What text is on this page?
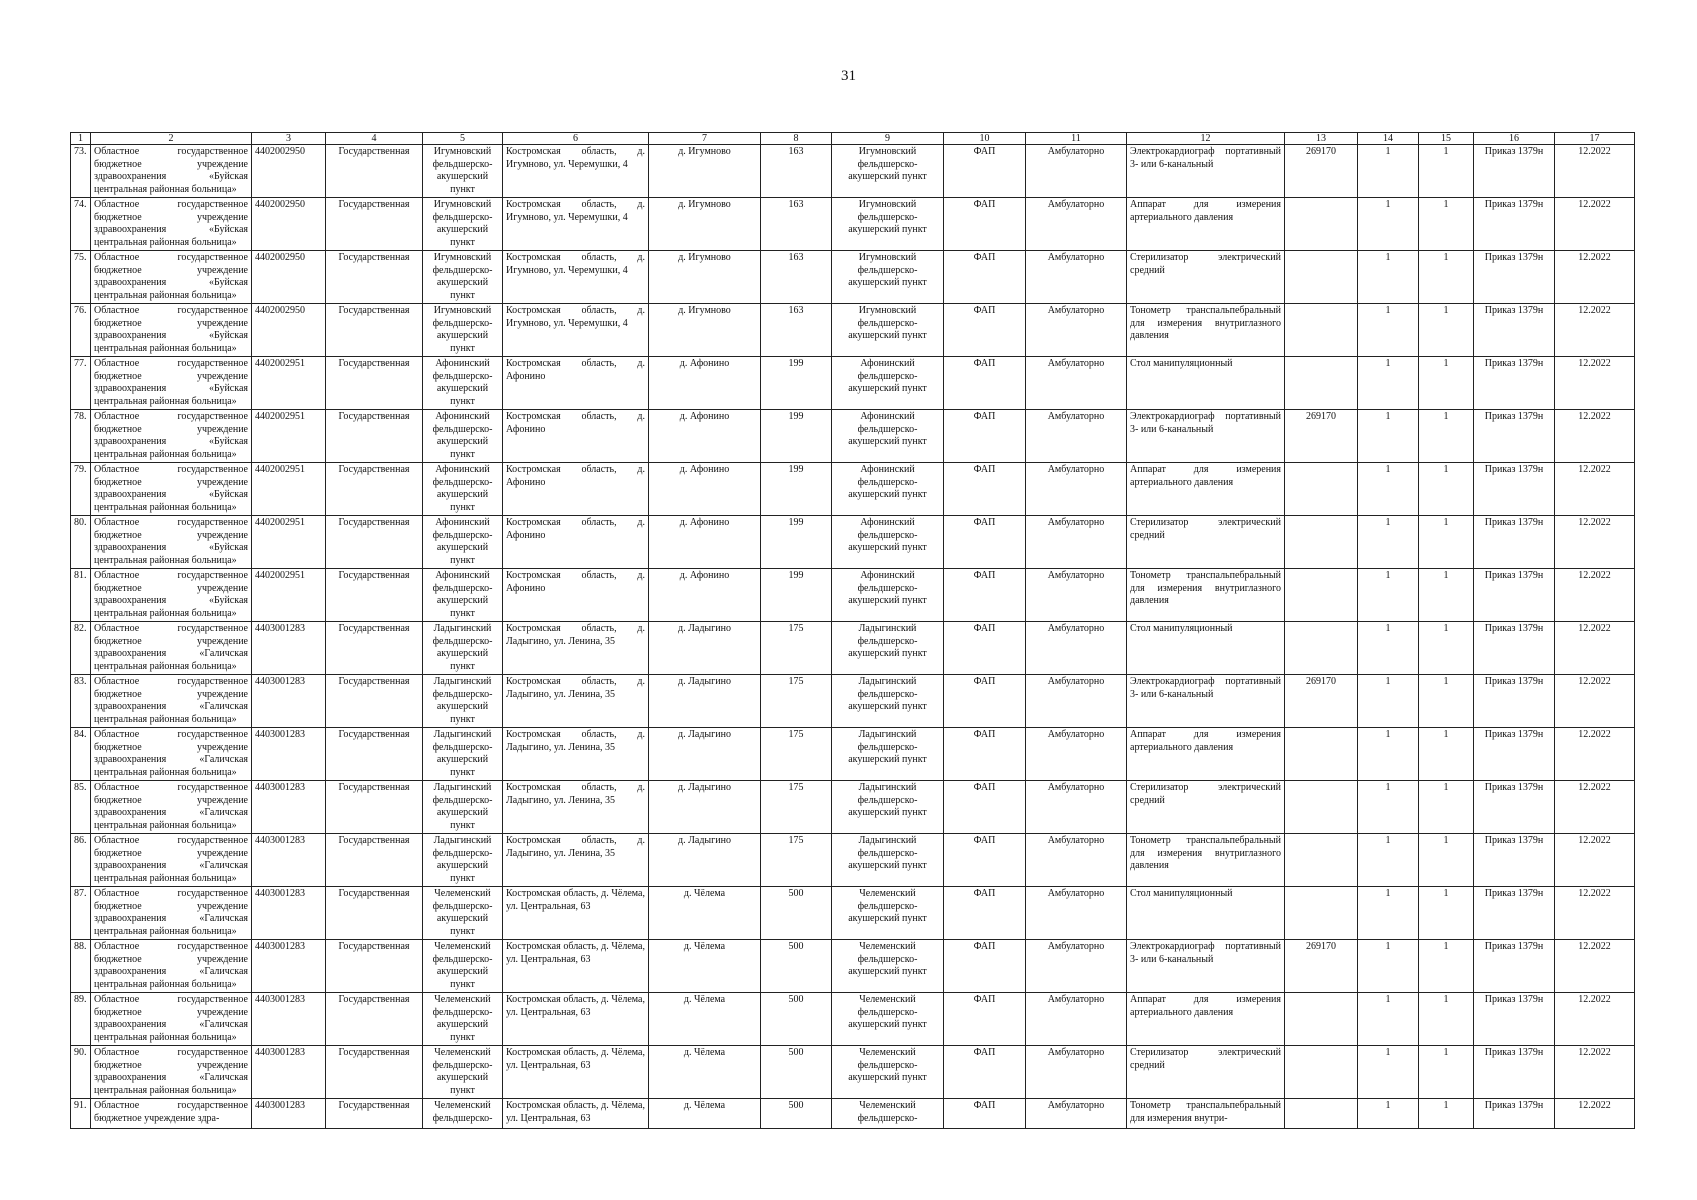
31
1	2	3	4	5	6	7	8	9	10	11	12	13	14	15	16	17
73.	Областное государственное бюджетное учреждение здравоохранения «Буйская центральная районная больница»	4402002950	Государственная	Игумновский фельдшерско-акушерский пункт	Костромская область, д. Игумново, ул. Черемушки, 4	д. Игумново	163	Игумновский фельдшерско-акушерский пункт	ФАП	Амбулаторно	Электрокардиограф портативный 3- или 6-канальный	269170	1	1	Приказ 1379н	12.2022
74.	Областное государственное бюджетное учреждение здравоохранения «Буйская центральная районная больница»	4402002950	Государственная	Игумновский фельдшерско-акушерский пункт	Костромская область, д. Игумново, ул. Черемушки, 4	д. Игумново	163	Игумновский фельдшерско-акушерский пункт	ФАП	Амбулаторно	Аппарат для измерения артериального давления		1	1	Приказ 1379н	12.2022
75.	Областное государственное бюджетное учреждение здравоохранения «Буйская центральная районная больница»	4402002950	Государственная	Игумновский фельдшерско-акушерский пункт	Костромская область, д. Игумново, ул. Черемушки, 4	д. Игумново	163	Игумновский фельдшерско-акушерский пункт	ФАП	Амбулаторно	Стерилизатор электрический средний		1	1	Приказ 1379н	12.2022
76.	Областное государственное бюджетное учреждение здравоохранения «Буйская центральная районная больница»	4402002950	Государственная	Игумновский фельдшерско-акушерский пункт	Костромская область, д. Игумново, ул. Черемушки, 4	д. Игумново	163	Игумновский фельдшерско-акушерский пункт	ФАП	Амбулаторно	Тонометр транспальпебральный для измерения внутриглазного давления		1	1	Приказ 1379н	12.2022
77.	Областное государственное бюджетное учреждение здравоохранения «Буйская центральная районная больница»	4402002951	Государственная	Афонинский фельдшерско-акушерский пункт	Костромская область, д. Афонино	д. Афонино	199	Афонинский фельдшерско-акушерский пункт	ФАП	Амбулаторно	Стол манипуляционный		1	1	Приказ 1379н	12.2022
78.	Областное государственное бюджетное учреждение здравоохранения «Буйская центральная районная больница»	4402002951	Государственная	Афонинский фельдшерско-акушерский пункт	Костромская область, д. Афонино	д. Афонино	199	Афонинский фельдшерско-акушерский пункт	ФАП	Амбулаторно	Электрокардиограф портативный 3- или 6-канальный	269170	1	1	Приказ 1379н	12.2022
79.	Областное государственное бюджетное учреждение здравоохранения «Буйская центральная районная больница»	4402002951	Государственная	Афонинский фельдшерско-акушерский пункт	Костромская область, д. Афонино	д. Афонино	199	Афонинский фельдшерско-акушерский пункт	ФАП	Амбулаторно	Аппарат для измерения артериального давления		1	1	Приказ 1379н	12.2022
80.	Областное государственное бюджетное учреждение здравоохранения «Буйская центральная районная больница»	4402002951	Государственная	Афонинский фельдшерско-акушерский пункт	Костромская область, д. Афонино	д. Афонино	199	Афонинский фельдшерско-акушерский пункт	ФАП	Амбулаторно	Стерилизатор электрический средний		1	1	Приказ 1379н	12.2022
81.	Областное государственное бюджетное учреждение здравоохранения «Буйская центральная районная больница»	4402002951	Государственная	Афонинский фельдшерско-акушерский пункт	Костромская область, д. Афонино	д. Афонино	199	Афонинский фельдшерско-акушерский пункт	ФАП	Амбулаторно	Тонометр транспальпебральный для измерения внутриглазного давления		1	1	Приказ 1379н	12.2022
82.	Областное государственное бюджетное учреждение здравоохранения «Галичская центральная районная больница»	4403001283	Государственная	Ладыгинский фельдшерско-акушерский пункт	Костромская область, д. Ладыгино, ул. Ленина, 35	д. Ладыгино	175	Ладыгинский фельдшерско-акушерский пункт	ФАП	Амбулаторно	Стол манипуляционный		1	1	Приказ 1379н	12.2022
83.	Областное государственное бюджетное учреждение здравоохранения «Галичская центральная районная больница»	4403001283	Государственная	Ладыгинский фельдшерско-акушерский пункт	Костромская область, д. Ладыгино, ул. Ленина, 35	д. Ладыгино	175	Ладыгинский фельдшерско-акушерский пункт	ФАП	Амбулаторно	Электрокардиограф портативный 3- или 6-канальный	269170	1	1	Приказ 1379н	12.2022
84.	Областное государственное бюджетное учреждение здравоохранения «Галичская центральная районная больница»	4403001283	Государственная	Ладыгинский фельдшерско-акушерский пункт	Костромская область, д. Ладыгино, ул. Ленина, 35	д. Ладыгино	175	Ладыгинский фельдшерско-акушерский пункт	ФАП	Амбулаторно	Аппарат для измерения артериального давления		1	1	Приказ 1379н	12.2022
85.	Областное государственное бюджетное учреждение здравоохранения «Галичская центральная районная больница»	4403001283	Государственная	Ладыгинский фельдшерско-акушерский пункт	Костромская область, д. Ладыгино, ул. Ленина, 35	д. Ладыгино	175	Ладыгинский фельдшерско-акушерский пункт	ФАП	Амбулаторно	Стерилизатор электрический средний		1	1	Приказ 1379н	12.2022
86.	Областное государственное бюджетное учреждение здравоохранения «Галичская центральная районная больница»	4403001283	Государственная	Ладыгинский фельдшерско-акушерский пункт	Костромская область, д. Ладыгино, ул. Ленина, 35	д. Ладыгино	175	Ладыгинский фельдшерско-акушерский пункт	ФАП	Амбулаторно	Тонометр транспальпебральный для измерения внутриглазного давления		1	1	Приказ 1379н	12.2022
87.	Областное государственное бюджетное учреждение здравоохранения «Галичская центральная районная больница»	4403001283	Государственная	Челеменский фельдшерско-акушерский пункт	Костромская область, д. Чёлема, ул. Центральная, 63	д. Чёлема	500	Челеменский фельдшерско-акушерский пункт	ФАП	Амбулаторно	Стол манипуляционный		1	1	Приказ 1379н	12.2022
88.	Областное государственное бюджетное учреждение здравоохранения «Галичская центральная районная больница»	4403001283	Государственная	Челеменский фельдшерско-акушерский пункт	Костромская область, д. Чёлема, ул. Центральная, 63	д. Чёлема	500	Челеменский фельдшерско-акушерский пункт	ФАП	Амбулаторно	Электрокардиограф портативный 3- или 6-канальный	269170	1	1	Приказ 1379н	12.2022
89.	Областное государственное бюджетное учреждение здравоохранения «Галичская центральная районная больница»	4403001283	Государственная	Челеменский фельдшерско-акушерский пункт	Костромская область, д. Чёлема, ул. Центральная, 63	д. Чёлема	500	Челеменский фельдшерско-акушерский пункт	ФАП	Амбулаторно	Аппарат для измерения артериального давления		1	1	Приказ 1379н	12.2022
90.	Областное государственное бюджетное учреждение здравоохранения «Галичская центральная районная больница»	4403001283	Государственная	Челеменский фельдшерско-акушерский пункт	Костромская область, д. Чёлема, ул. Центральная, 63	д. Чёлема	500	Челеменский фельдшерско-акушерский пункт	ФАП	Амбулаторно	Стерилизатор электрический средний		1	1	Приказ 1379н	12.2022
91.	Областное государственное бюджетное учреждение здра-	4403001283	Государственная	Челеменский фельдшерско-	Костромская область, д. Чёлема, ул. Центральная, 63	д. Чёлема	500	Челеменский фельдшерско-	ФАП	Амбулаторно	Тонометр транспальпебральный для измерения внутри-		1	1	Приказ 1379н	12.2022
